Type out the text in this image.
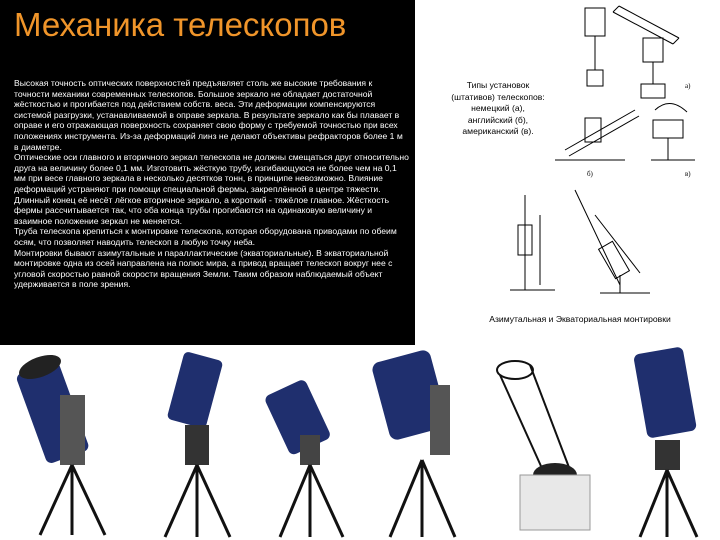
Механика телескопов

Высокая точность оптических поверхностей предъявляет столь же высокие требования к точности механики современных телескопов. Большое зеркало не обладает достаточной жёсткостью и прогибается под действием собств. веса. Эти деформации компенсируются системой разгрузки, устанавливаемой в оправе зеркала. В результате зеркало как бы плавает в оправе и его отражающая поверхность сохраняет свою форму с требуемой точностью при всех положениях инструмента. Из-за деформаций линз не делают объективы рефракторов более 1 м в диаметре.

Оптические оси главного и вторичного зеркал телескопа не должны смещаться друг относительно друга на величину более 0,1 мм. Изготовить жёсткую трубу, изгибающуюся не более чем на 0,1 мм при весе главного зеркала в несколько десятков тонн, в принципе невозможно. Влияние деформаций устраняют при помощи специальной фермы, закреплённой в центре тяжести. Длинный конец её несёт лёгкое вторичное зеркало, а короткий - тяжёлое главное. Жёсткость фермы рассчитывается так, что оба конца трубы прогибаются на одинаковую величину и взаимное положение зеркал не меняется.

Труба телескопа крепиться к монтировке телескопа, которая оборудована приводами по обеим осям, что позволяет наводить телескоп в любую точку неба.

Монтировки бывают азимутальные и параллактические (экваториальные). В экваториальной монтировке одна из осей направлена на полюс мира, а привод вращает телескоп вокруг нее с угловой скоростью равной скорости вращения Земли. Таким образом наблюдаемый объект удерживается в поле зрения.

Типы установок (штативов) телескопов: немецкий (а), английский (б), американский (в).
а)
б)	в)
Азимутальная и Экваториальная монтировки
